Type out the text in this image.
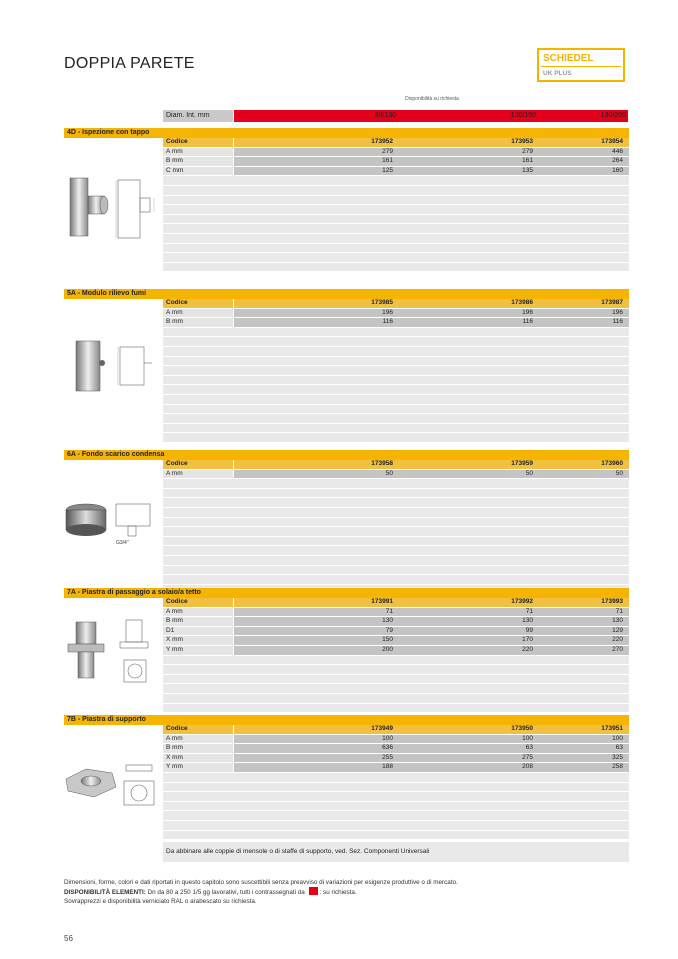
DOPPIA PARETE	SCHIEDEL
UK PLUS
Disponibilità su richiesta
Diam. Int. mm	80/130	100/150	130/200
4D - Ispezione con tappo
Codice	173952	173953	173954
A mm	279	279	446
B mm	161	161	264
C mm	125	135	160
5A - Modulo rilievo fumi
Codice	173985	173986	173987
A mm	196	196	196
B mm	116	116	116
6A - Fondo scarico condensa
Codice	173958	173959	173960
A mm	50	50	50
G3/4"
7A - Piastra di passaggio a solaio/a tetto
Codice	173991	173992	173993
A mm	71	71	71
B mm	130	130	130
D1	79	99	129
X mm	150	170	220
Y mm	200	220	270
7B - Piastra di supporto
Codice	173949	173950	173951
A mm	100	100	100
B mm	636	63	63
X mm	255	275	325
Y mm	188	208	258
Da abbinare alle coppie di mensole o di staffe di supporto, ved. Sez. Componenti Universali
Dimensioni, forme, colori e dati riportati in questo capitolo sono suscettibili senza preavviso di variazioni per esigenze produttive o di mercato.
DISPONIBILITÀ ELEMENTI: Dn da 80 a 250 1/5 gg lavorativi, tutti i contrassegnati da : su richiesta.
Sovrapprezzi e disponibilità verniciato RAL o arabescato su richiesta.
56
